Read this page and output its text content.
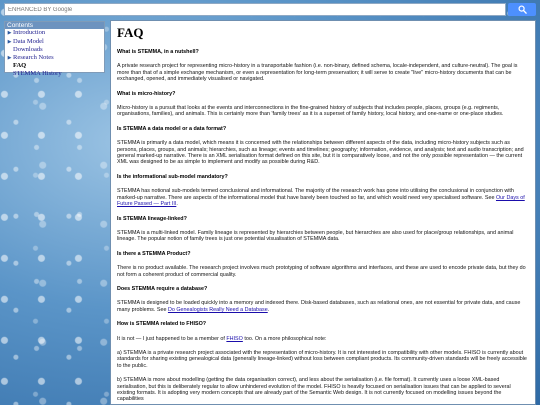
ENHANCED BY Google
Contents
▶ Introduction
▶ Data Model
Downloads
▶ Research Notes
FAQ
STEMMA History
FAQ
What is STEMMA, in a nutshell?

A private research project for representing micro-history in a transportable fashion (i.e. non-binary, defined schema, locale-independent, and culture-neutral). The goal is more than that of a simple exchange mechanism, or even a representation for long-term preservation; it will serve to create "live" micro-history documents that can be exchanged, opened, and immediately visualised or navigated.

What is micro-history?

Micro-history is a pursuit that looks at the events and interconnections in the fine-grained history of subjects that includes people, places, groups (e.g. regiments, organisations, families), and animals. This is certainly more than 'family trees' as it is a superset of family history, local history, and one-name or one-place studies.

Is STEMMA a data model or a data format?

STEMMA is primarily a data model, which means it is concerned with the relationships between different aspects of the data, including micro-history subjects such as persons, places, groups, and animals; hierarchies, such as lineage; events and timelines; geography; information, evidence, and analysis; text and audio transcription; and general marked-up narrative. There is an XML serialisation format defined on this site, but it is comparatively loose, and not the only possible representation — the current XML was designed to be as simple to implement and modify as possible during R&D.

Is the informational sub-model mandatory?

STEMMA has notional sub-models termed conclusional and informational. The majority of the research work has gone into utilising the conclusional in conjunction with marked-up narrative. There are aspects of the informational model that have barely been touched so far, and which would need very specialised software. See Our Days of Future Passed — Part III.

Is STEMMA lineage-linked?

STEMMA is a multi-linked model. Family lineage is represented by hierarchies between people, but hierarchies are also used for place/group relationships, and animal lineage. The popular notion of family trees is just one potential visualisation of STEMMA data.

Is there a STEMMA Product?

There is no product available. The research project involves much prototyping of software algorithms and interfaces, and these are used to encode private data, but they do not form a coherent product of commercial quality.

Does STEMMA require a database?

STEMMA is designed to be loaded quickly into a memory and indexed there. Disk-based databases, such as relational ones, are not essential for private data, and cause many problems. See Do Genealogists Really Need a Database.

How is STEMMA related to FHISO?

It is not — I just happened to be a member of FHISO too. On a more philosophical note:

a) STEMMA is a private research project associated with the representation of micro-history. It is not interested in compatibility with other models. FHISO is currently about standards for sharing existing genealogical data (generally lineage-linked) without loss between compliant products. Its community-driven standards will be freely accessible to the public.

b) STEMMA is more about modelling (getting the data organisation correct), and less about the serialisation (i.e. file format). It currently uses a loose XML-based serialisation, but this is deliberately regular to allow unhindered evolution of the model. FHISO is heavily focused on serialisation issues that can be applied to several existing formats. It is adopting very modern concepts that are already part of the Semantic Web design. It is not currently focused on modelling issues beyond the capabilities
